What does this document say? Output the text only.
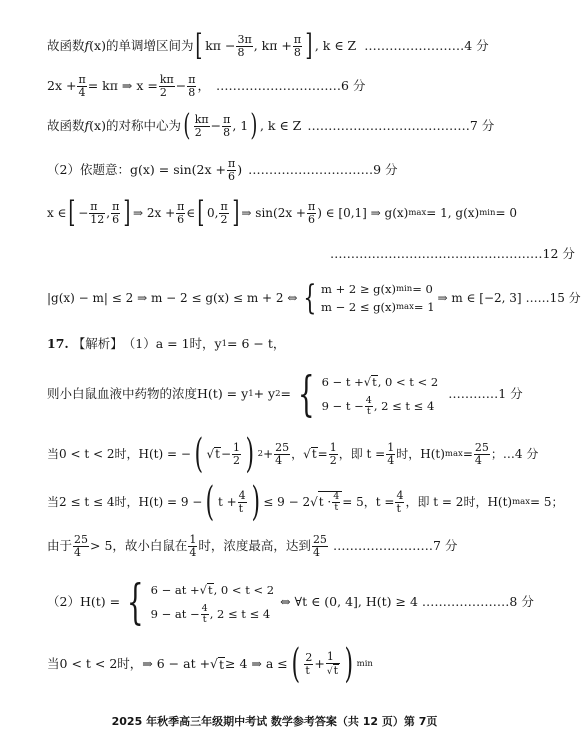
故函数 f (x) 的单调增区间为 [ $k\pi - \frac{3\pi}{8}$ , $k\pi + \frac{\pi}{8}$ ] , k ∈ Z …………………… 4 分
$2x + \frac{\pi}{4} = k\pi$ ⇒ $x = \frac{k\pi}{2} - \frac{\pi}{8}$ ， ………………………… 6 分
故函数 f (x) 的对称中心为 ( $\frac{k\pi}{2} - \frac{\pi}{8}$ , 1 ) , k ∈ Z ………………………………… 7 分
（2）依题意： $g(x) = \sin(2x + \frac{\pi}{6}$ ) ………………………… 9 分
x ∈ [ − $\frac{\pi}{12}$ , $\frac{\pi}{6}$ ] ⇒ $2x + \frac{\pi}{6}$ ∈ [ 0, $\frac{\pi}{2}$ ] ⇒ $\sin(2x + \frac{\pi}{6}$ ) ∈ [0,1] ⇒ g(x) max = 1, g(x) min = 0
…………………………………………… 12 分
|g(x) − m| ≤ 2 ⇒ m − 2 ≤ g(x) ≤ m + 2 ⇔ { m + 2 ≥ g(x) min = 0
m − 2 ≤ g(x) max = 1
⇒ m ∈ [−2, 3] …… 15 分
17. 【解析】 （1）a = 1时，y 1 = 6 − t，
则小白鼠血液中药物的浓度 H(t) = y 1 + y 2 = { 6 − t + √ t , 0 < t < 2
$9 - t - \frac{4}{t}$ , 2 ≤ t ≤ 4
………… 1 分
当 0 < t < 2 时， H(t) = − ( √ $t - \frac{1}{2}$ ) $2 + \frac{25}{4}$ ， √ $t = \frac{1}{2}$ ，即 $t = \frac{1}{4}$ 时， H(t) $\max = \frac{25}{4}$ ； … 4 分
当 2 ≤ t ≤ 4 时， H(t) = 9 − ( $t + \frac{4}{t}$ ) ≤ 9 − 2 √ $t \cdot \frac{4}{t} = 5$ ， $t = \frac{4}{t}$ ，即 t = 2时， H(t) max = 5；
由于 $\frac{25}{4} > 5$，故小白鼠在 $\frac{1}{4}$ 时，浓度最高，达到 $\frac{25}{4}$ …………………… 7 分
（2） H(t) = { 6 − at + √ t , 0 < t < 2
9 − at − $\frac{4}{t}$ , 2 ≤ t ≤ 4
⇔ ∀t ∈ (0, 4], H(t) ≥ 4 ………………… 8 分
当 0 < t < 2 时，⇒ 6 − at + √ t ≥ 4 ⇒ a ≤ ( $\frac{2}{t} + \frac{1}{√t}$ ) min
2025 年秋季高三年级期中考试 数学参考答案（共 12 页）第 7页
